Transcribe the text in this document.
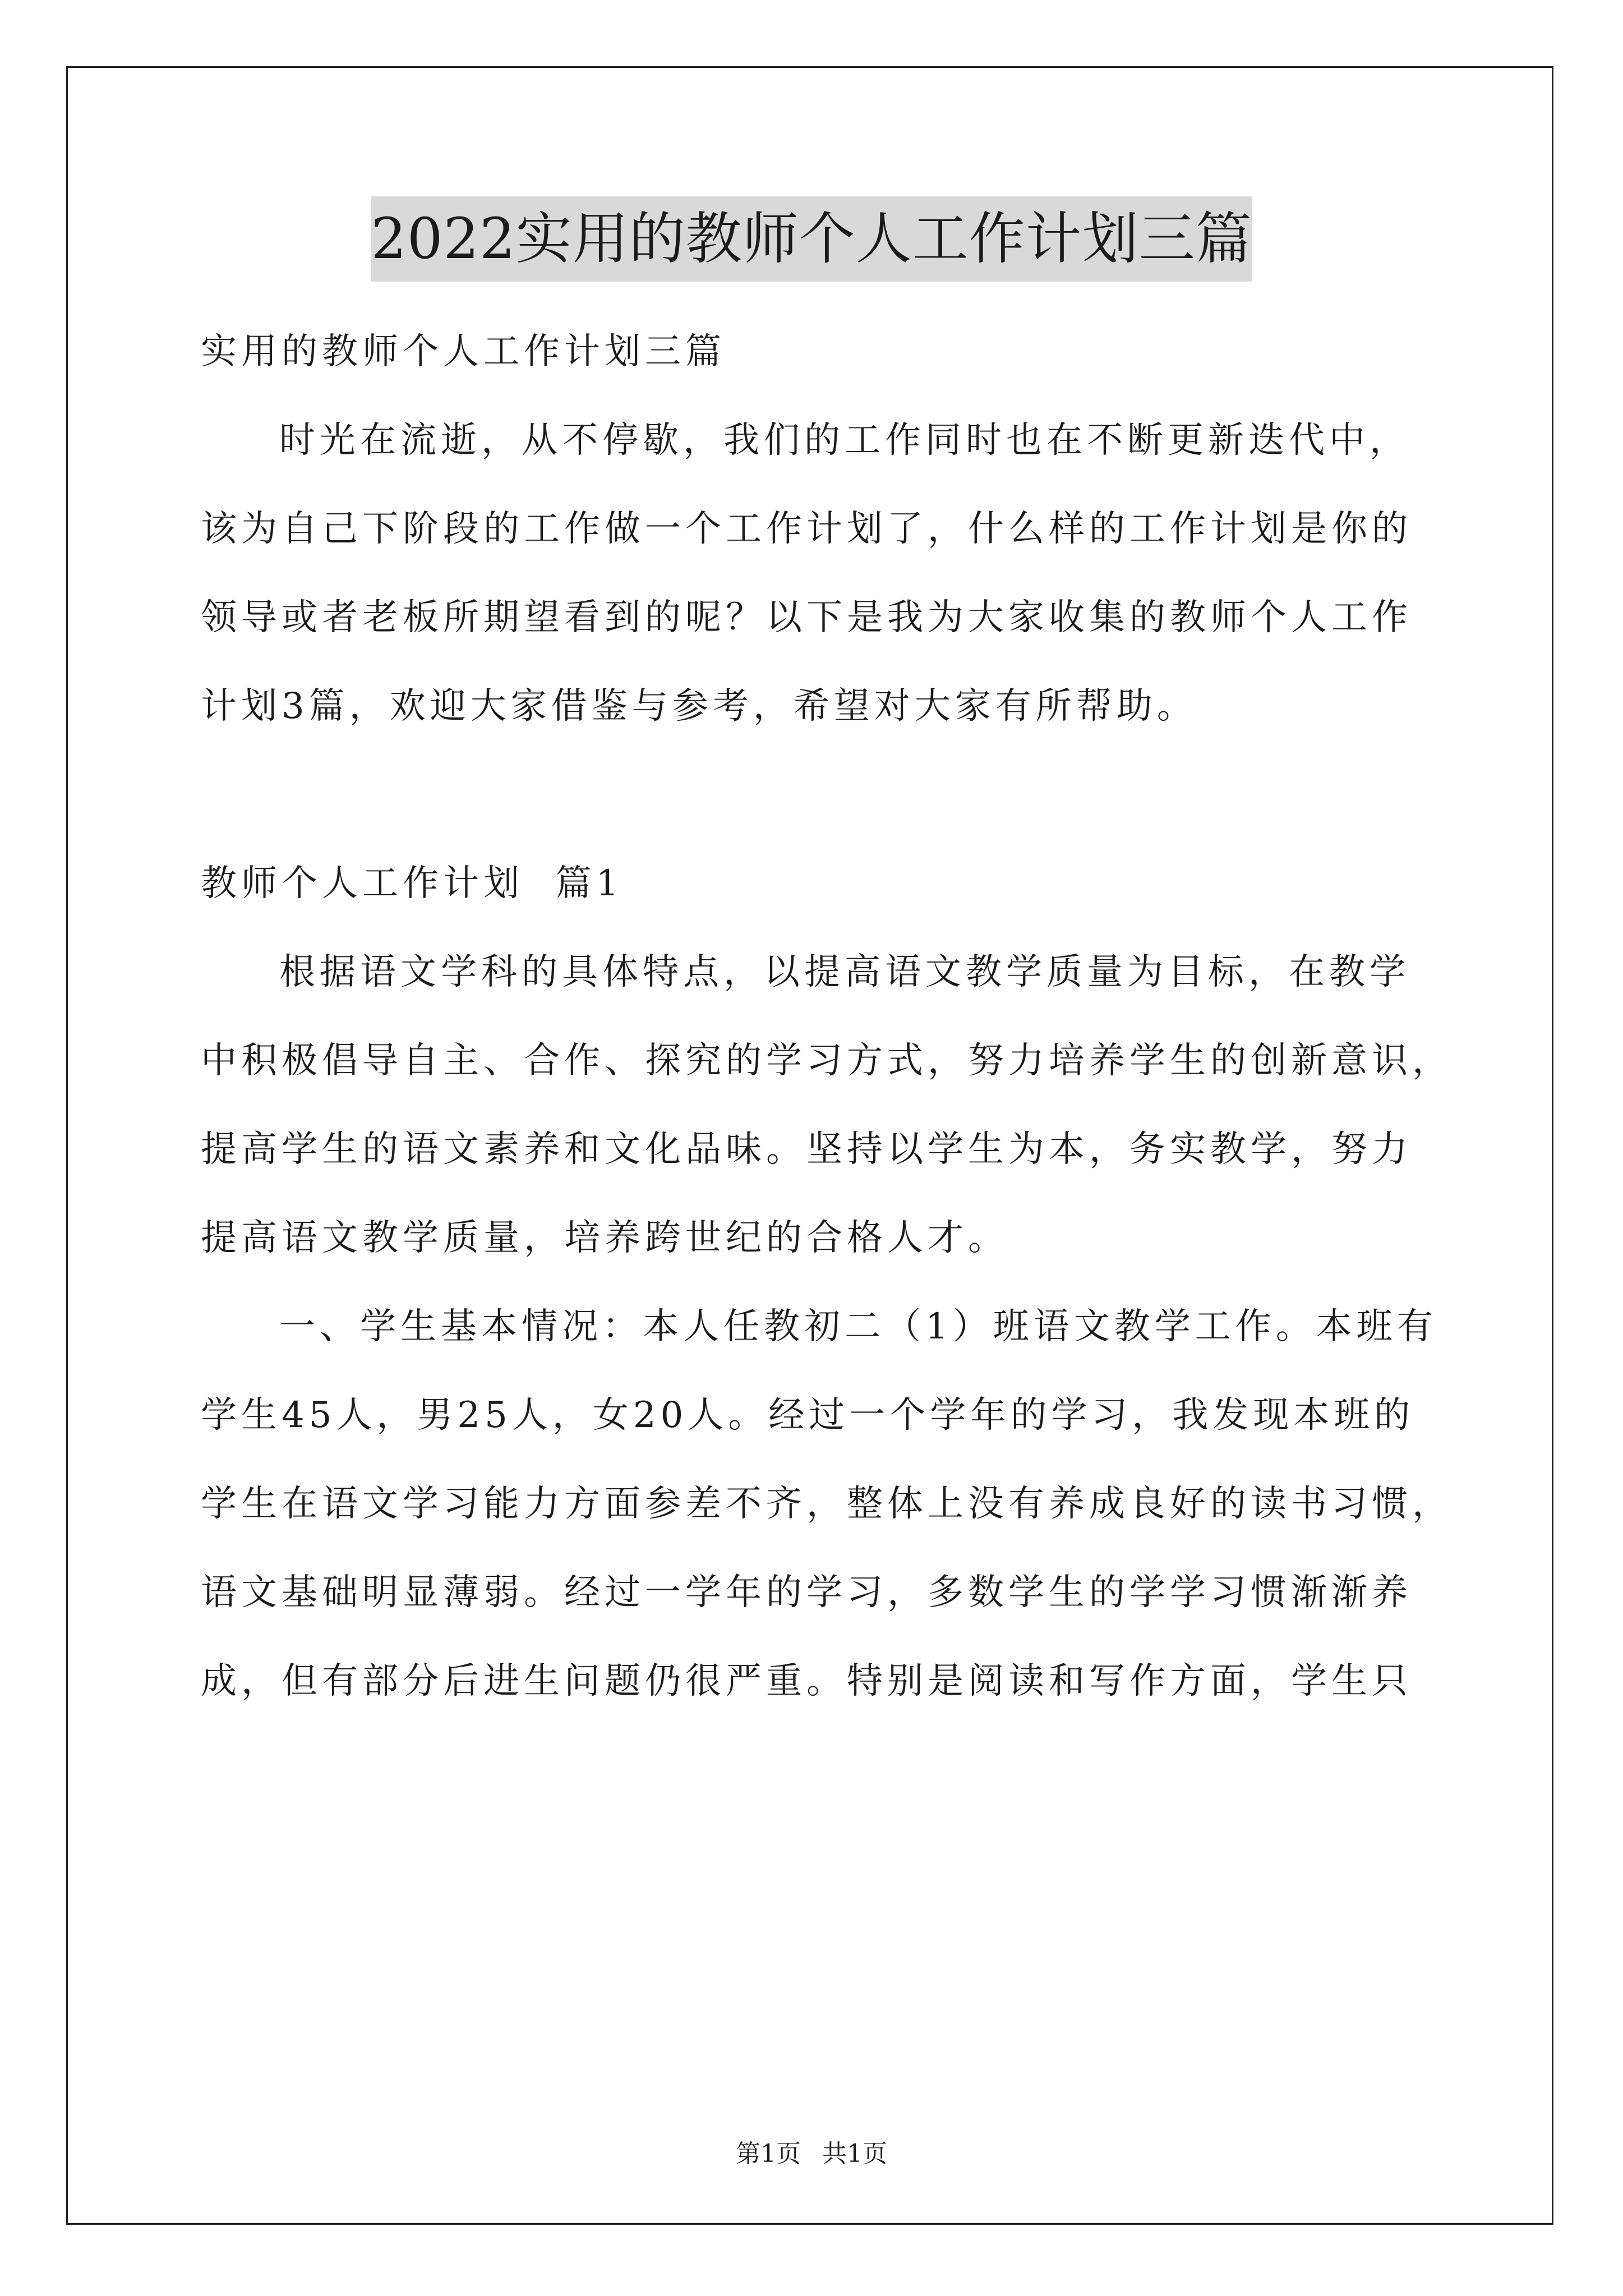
2022实用的教师个人工作计划三篇
实用的教师个人工作计划三篇
时光在流逝，从不停歇，我们的工作同时也在不断更新迭代中，
该为自己下阶段的工作做一个工作计划了，什么样的工作计划是你的
领导或者老板所期望看到的呢？以下是我为大家收集的教师个人工作
计划3篇，欢迎大家借鉴与参考，希望对大家有所帮助。
教师个人工作计划  篇1
根据语文学科的具体特点，以提高语文教学质量为目标，在教学
中积极倡导自主、合作、探究的学习方式，努力培养学生的创新意识，
提高学生的语文素养和文化品味。坚持以学生为本，务实教学，努力
提高语文教学质量，培养跨世纪的合格人才。
一、学生基本情况：本人任教初二（1）班语文教学工作。本班有
学生45人，男25人，女20人。经过一个学年的学习，我发现本班的
学生在语文学习能力方面参差不齐，整体上没有养成良好的读书习惯，
语文基础明显薄弱。经过一学年的学习，多数学生的学学习惯渐渐养
成，但有部分后进生问题仍很严重。特别是阅读和写作方面，学生只
第1页 共1页
